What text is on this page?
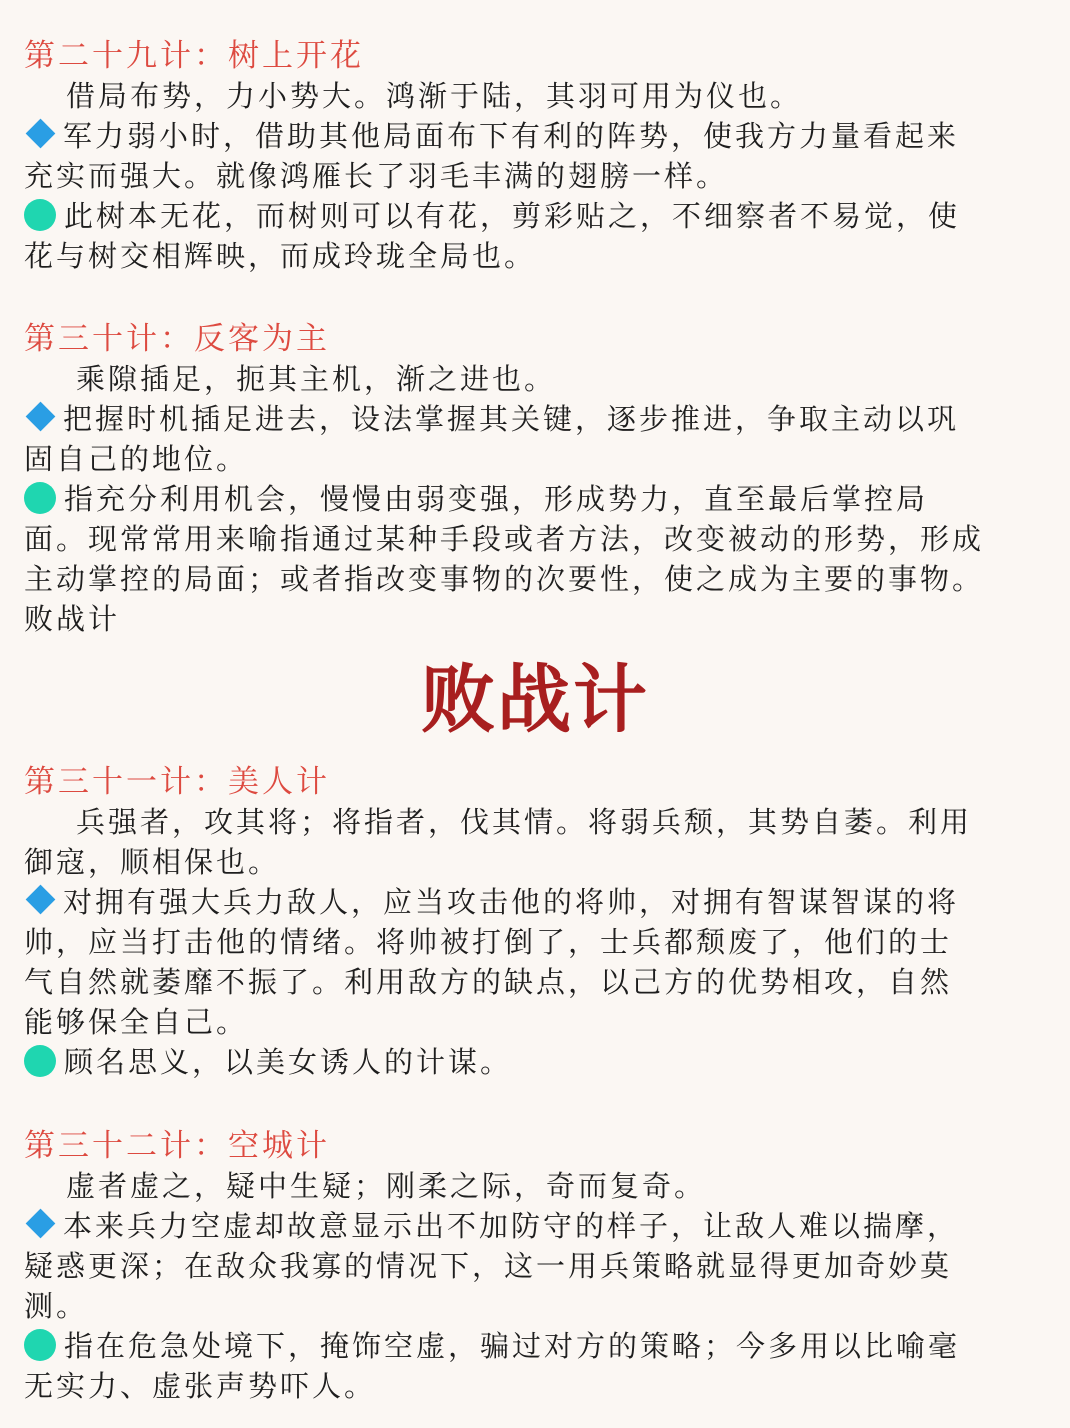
第二十九计：树上开花
借局布势，力小势大。鸿渐于陆，其羽可用为仪也。
军力弱小时，借助其他局面布下有利的阵势，使我方力量看起来
充实而强大。就像鸿雁长了羽毛丰满的翅膀一样。
此树本无花，而树则可以有花，剪彩贴之，不细察者不易觉，使
花与树交相辉映，而成玲珑全局也。
第三十计：反客为主
乘隙插足，扼其主机，渐之进也。
把握时机插足进去，设法掌握其关键，逐步推进，争取主动以巩
固自己的地位。
指充分利用机会，慢慢由弱变强，形成势力，直至最后掌控局
面。现常常用来喻指通过某种手段或者方法，改变被动的形势，形成
主动掌控的局面；或者指改变事物的次要性，使之成为主要的事物。
败战计
败战计
第三十一计：美人计
兵强者，攻其将；将指者，伐其情。将弱兵颓，其势自萎。利用
御寇，顺相保也。
对拥有强大兵力敌人，应当攻击他的将帅，对拥有智谋智谋的将
帅，应当打击他的情绪。将帅被打倒了，士兵都颓废了，他们的士
气自然就萎靡不振了。利用敌方的缺点，以己方的优势相攻，自然
能够保全自己。
顾名思义，以美女诱人的计谋。
第三十二计：空城计
虚者虚之，疑中生疑；刚柔之际，奇而复奇。
本来兵力空虚却故意显示出不加防守的样子，让敌人难以揣摩，
疑惑更深；在敌众我寡的情况下，这一用兵策略就显得更加奇妙莫
测。
指在危急处境下，掩饰空虚，骗过对方的策略；今多用以比喻毫
无实力、虚张声势吓人。
